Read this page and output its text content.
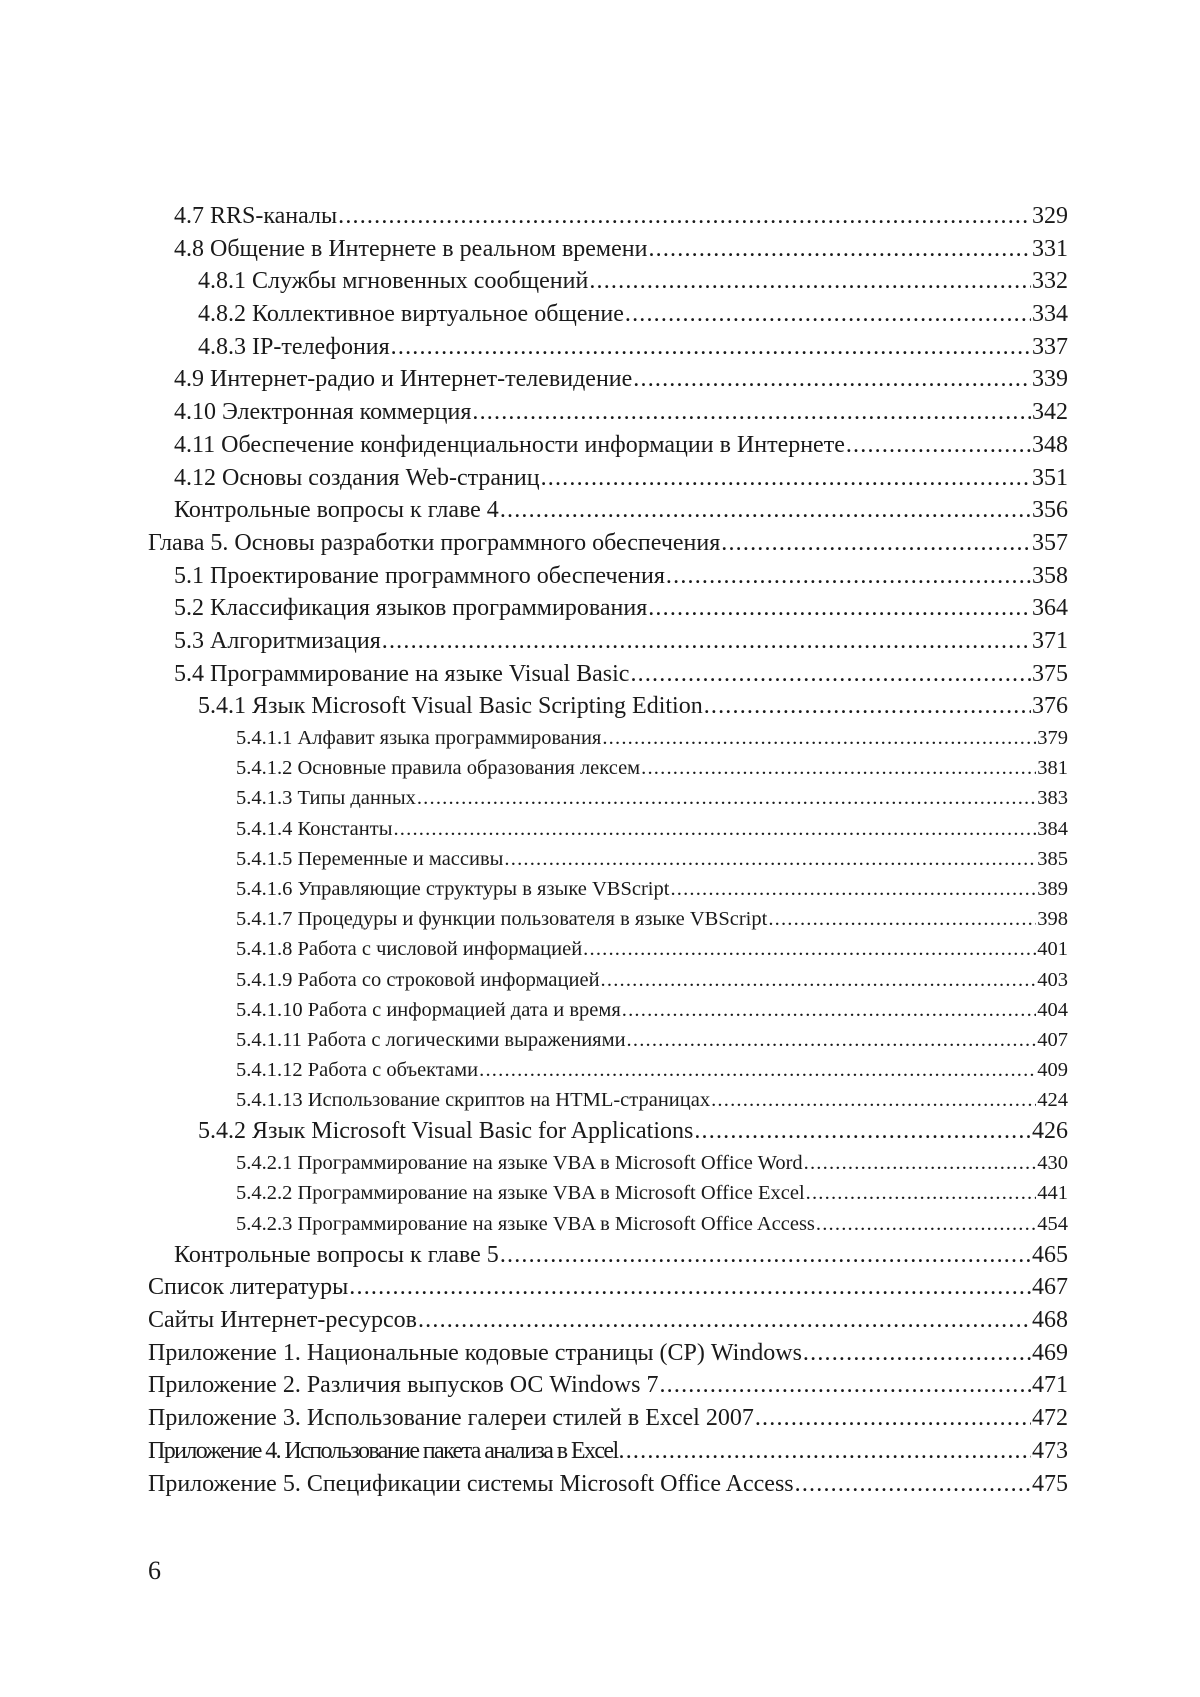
4.7 RRS-каналы .....	329
4.8 Общение в Интернете в реальном времени .....	331
4.8.1 Службы мгновенных сообщений .....	332
4.8.2 Коллективное виртуальное общение .....	334
4.8.3 IP-телефония .....	337
4.9 Интернет-радио и Интернет-телевидение .....	339
4.10 Электронная коммерция .....	342
4.11 Обеспечение конфиденциальности информации в Интернете .....	348
4.12 Основы создания Web-страниц .....	351
Контрольные вопросы к главе 4 .....	356
Глава 5. Основы разработки программного обеспечения .....	357
5.1 Проектирование программного обеспечения .....	358
5.2 Классификация языков программирования .....	364
5.3 Алгоритмизация .....	371
5.4 Программирование на языке Visual Basic .....	375
5.4.1 Язык Microsoft Visual Basic Scripting Edition .....	376
5.4.1.1 Алфавит языка программирования .....	379
5.4.1.2 Основные правила образования лексем .....	381
5.4.1.3 Типы данных .....	383
5.4.1.4 Константы .....	384
5.4.1.5 Переменные и массивы .....	385
5.4.1.6 Управляющие структуры в языке VBScript .....	389
5.4.1.7 Процедуры и функции пользователя в языке VBScript .....	398
5.4.1.8 Работа с числовой информацией .....	401
5.4.1.9 Работа со строковой информацией .....	403
5.4.1.10 Работа с информацией дата и время .....	404
5.4.1.11 Работа с логическими выражениями .....	407
5.4.1.12 Работа с объектами .....	409
5.4.1.13 Использование скриптов на HTML-страницах .....	424
5.4.2 Язык Microsoft Visual Basic for Applications .....	426
5.4.2.1 Программирование на языке VBA в Microsoft Office Word .....	430
5.4.2.2 Программирование на языке VBA в Microsoft Office Excel .....	441
5.4.2.3 Программирование на языке VBA в Microsoft Office Access .....	454
Контрольные вопросы к главе 5 .....	465
Список литературы .....	467
Сайты Интернет-ресурсов .....	468
Приложение 1. Национальные кодовые страницы (CP) Windows .....	469
Приложение 2. Различия выпусков ОС Windows 7 .....	471
Приложение 3. Использование галереи стилей в Excel 2007 .....	472
Приложение 4. Использование пакета анализа в Excel .....	473
Приложение 5. Спецификации системы Microsoft Office Access .....	475
6
